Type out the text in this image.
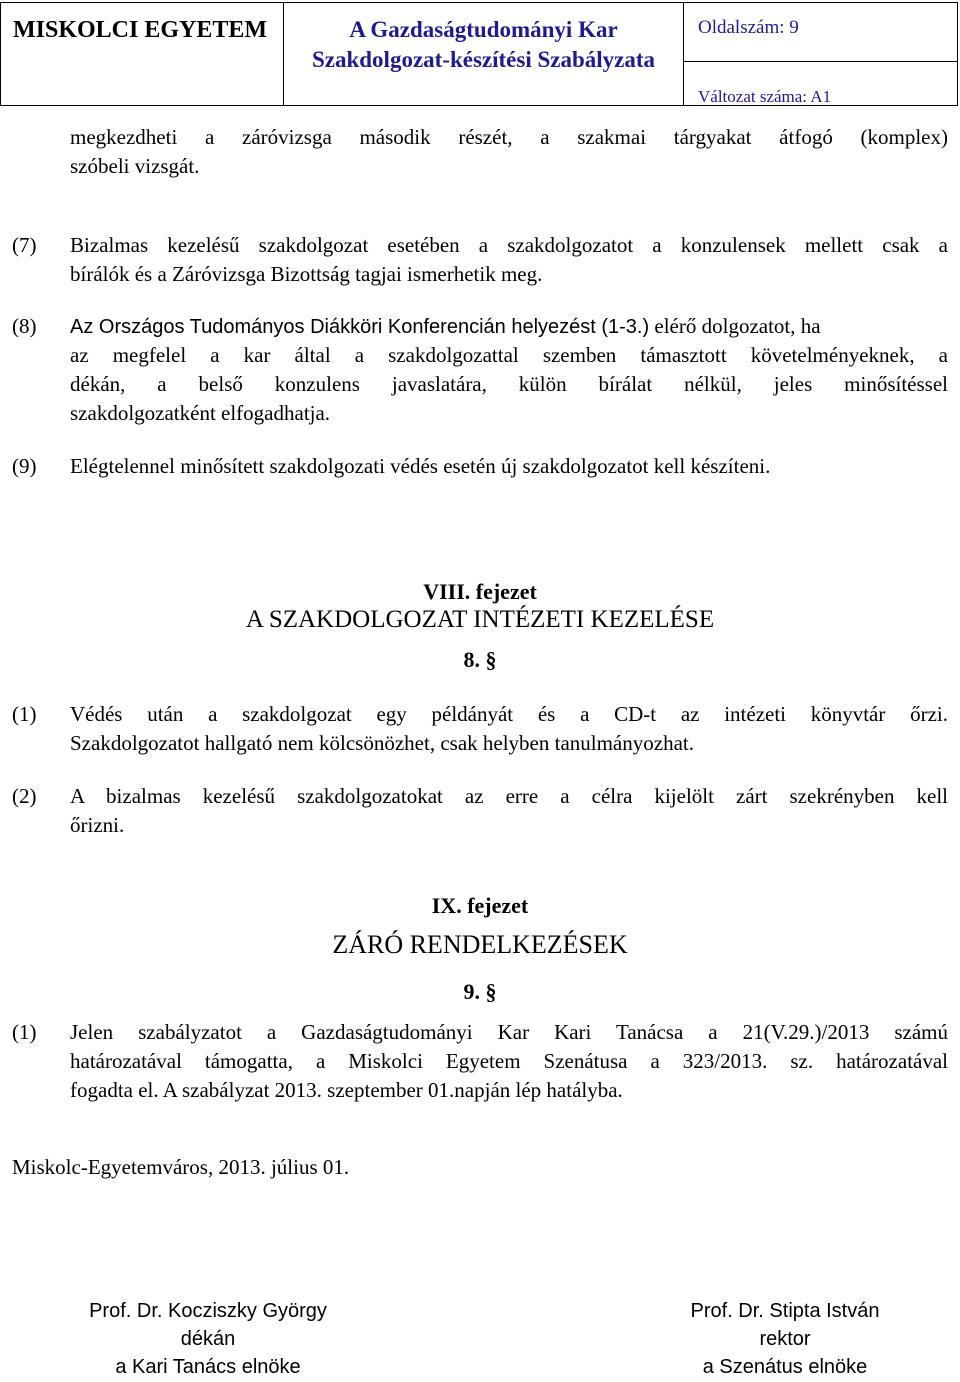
MISKOLCI EGYETEM	A Gazdaságtudományi Kar
Szakdolgozat-készítési Szabályzata
Oldalszám: 9
Változat száma: A1
megkezdheti a záróvizsga második részét, a szakmai tárgyakat átfogó (komplex)
szóbeli vizsgát.
(7) Bizalmas kezelésű szakdolgozat esetében a szakdolgozatot a konzulensek mellett csak a
bírálók és a Záróvizsga Bizottság tagjai ismerhetik meg.
(8) Az Országos Tudományos Diákköri Konferencián helyezést (1-3.) elérő dolgozatot, ha
az megfelel a kar által a szakdolgozattal szemben támasztott követelményeknek, a
dékán, a belső konzulens javaslatára, külön bírálat nélkül, jeles minősítéssel
szakdolgozatként elfogadhatja.
(9) Elégtelennel minősített szakdolgozati védés esetén új szakdolgozatot kell készíteni.
VIII. fejezet
A SZAKDOLGOZAT INTÉZETI KEZELÉSE
8. §
(1) Védés után a szakdolgozat egy példányát és a CD-t az intézeti könyvtár őrzi.
Szakdolgozatot hallgató nem kölcsönözhet, csak helyben tanulmányozhat.
(2) A bizalmas kezelésű szakdolgozatokat az erre a célra kijelölt zárt szekrényben kell
őrizni.
IX. fejezet
ZÁRÓ RENDELKEZÉSEK
9. §
(1) Jelen szabályzatot a Gazdaságtudományi Kar Kari Tanácsa a 21(V.29.)/2013 számú
határozatával támogatta, a Miskolci Egyetem Szenátusa a 323/2013. sz. határozatával
fogadta el. A szabályzat 2013. szeptember 01.napján lép hatályba.
Miskolc-Egyetemváros, 2013. július 01.
Prof. Dr. Kocziszky György
dékán
a Kari Tanács elnöke
Prof. Dr. Stipta István
rektor
a Szenátus elnöke
